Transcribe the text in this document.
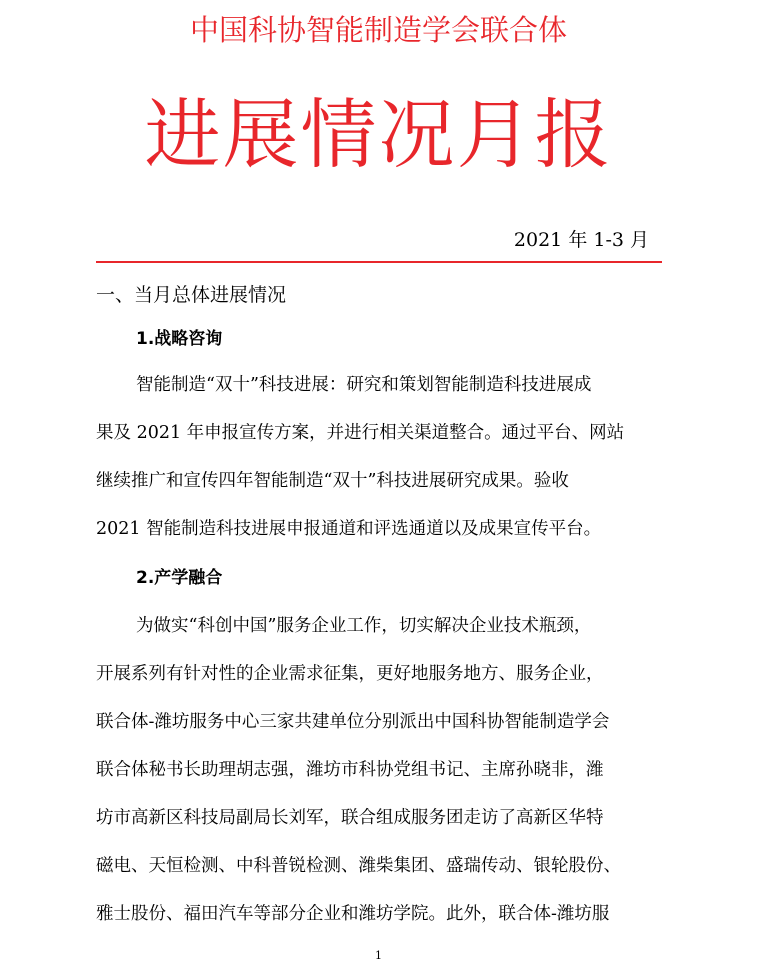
中国科协智能制造学会联合体
进展情况月报
2021 年 1-3 月
一、当月总体进展情况
1.战略咨询
智能制造“双十”科技进展：研究和策划智能制造科技进展成
果及 2021 年申报宣传方案，并进行相关渠道整合。通过平台、网站
继续推广和宣传四年智能制造“双十”科技进展研究成果。验收
2021 智能制造科技进展申报通道和评选通道以及成果宣传平台。
2.产学融合
为做实“科创中国”服务企业工作，切实解决企业技术瓶颈，
开展系列有针对性的企业需求征集，更好地服务地方、服务企业，
联合体-潍坊服务中心三家共建单位分别派出中国科协智能制造学会
联合体秘书长助理胡志强，潍坊市科协党组书记、主席孙晓非，潍
坊市高新区科技局副局长刘军，联合组成服务团走访了高新区华特
磁电、天恒检测、中科普锐检测、潍柴集团、盛瑞传动、银轮股份、
雅士股份、福田汽车等部分企业和潍坊学院。此外，联合体-潍坊服
1
